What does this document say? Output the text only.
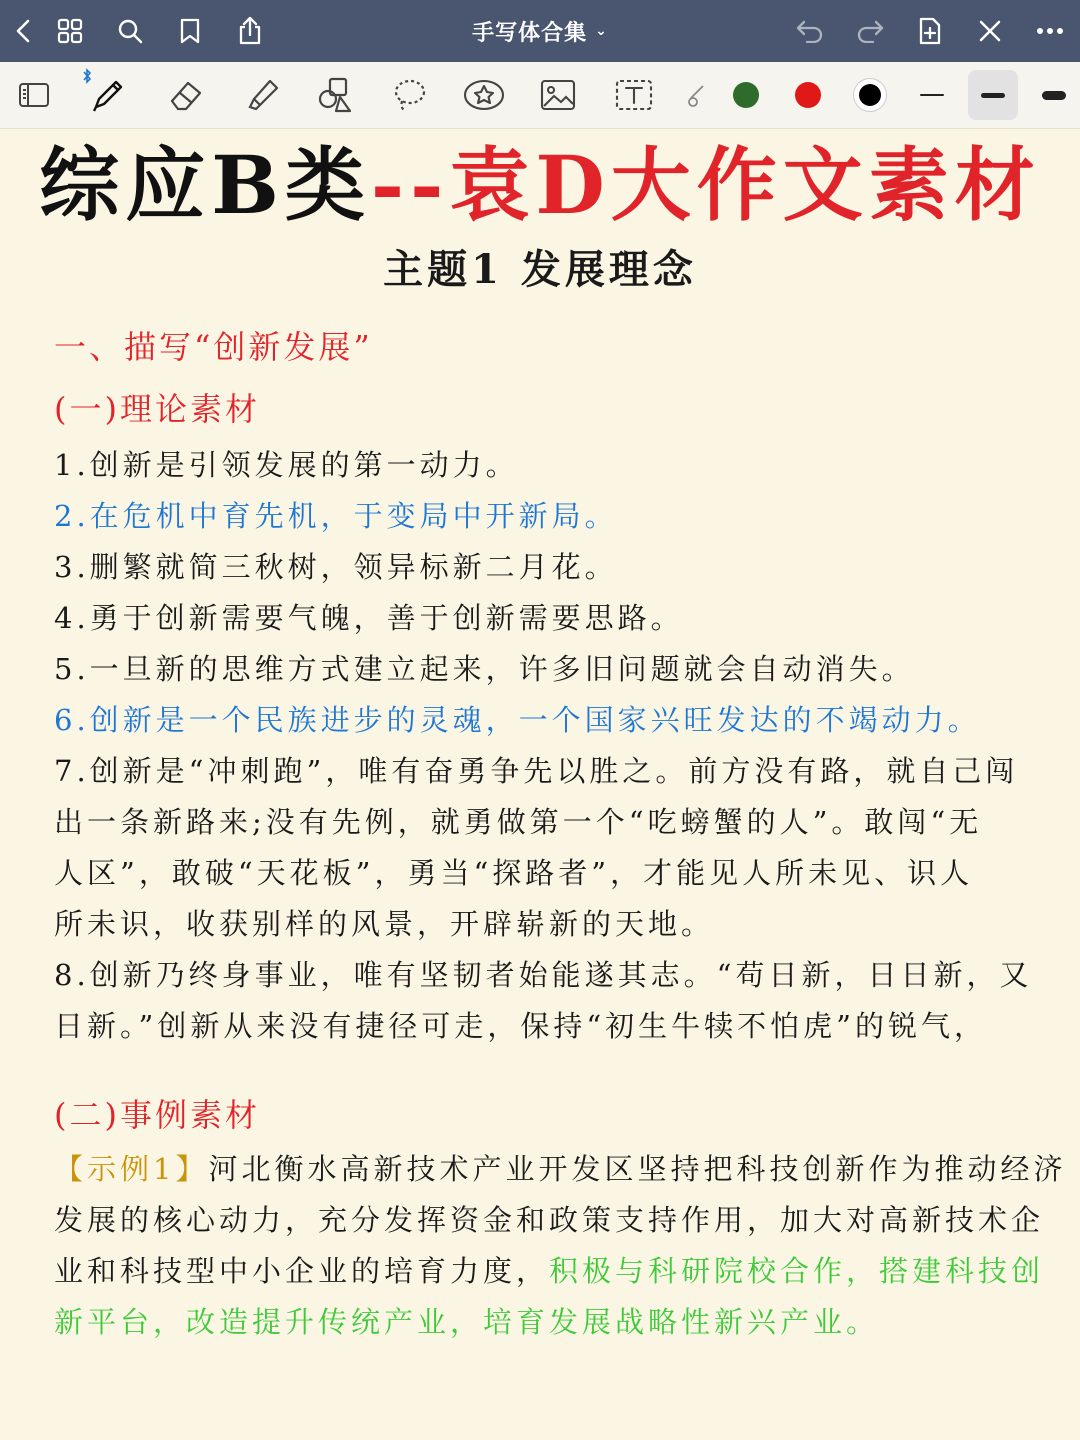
手写体合集 ⌄
综应B类 --袁D大作文素材
主题1 发展理念
一、描写“创新发展”
(一)理论素材
1.创新是引领发展的第一动力。
2.在危机中育先机，于变局中开新局。
3.删繁就简三秋树，领异标新二月花。
4.勇于创新需要气魄，善于创新需要思路。
5.一旦新的思维方式建立起来，许多旧问题就会自动消失。
6.创新是一个民族进步的灵魂，一个国家兴旺发达的不竭动力。
7.创新是“冲刺跑”，唯有奋勇争先以胜之。前方没有路，就自己闯
出一条新路来;没有先例，就勇做第一个“吃螃蟹的人”。敢闯“无
人区”，敢破“天花板”，勇当“探路者”，才能见人所未见、识人
所未识，收获别样的风景，开辟崭新的天地。
8.创新乃终身事业，唯有坚韧者始能遂其志。“苟日新，日日新，又
日新。”创新从来没有捷径可走，保持“初生牛犊不怕虎”的锐气，
(二)事例素材
【示例1】河北衡水高新技术产业开发区坚持把科技创新作为推动经济
发展的核心动力，充分发挥资金和政策支持作用，加大对高新技术企
业和科技型中小企业的培育力度，积极与科研院校合作，搭建科技创
新平台，改造提升传统产业，培育发展战略性新兴产业。
